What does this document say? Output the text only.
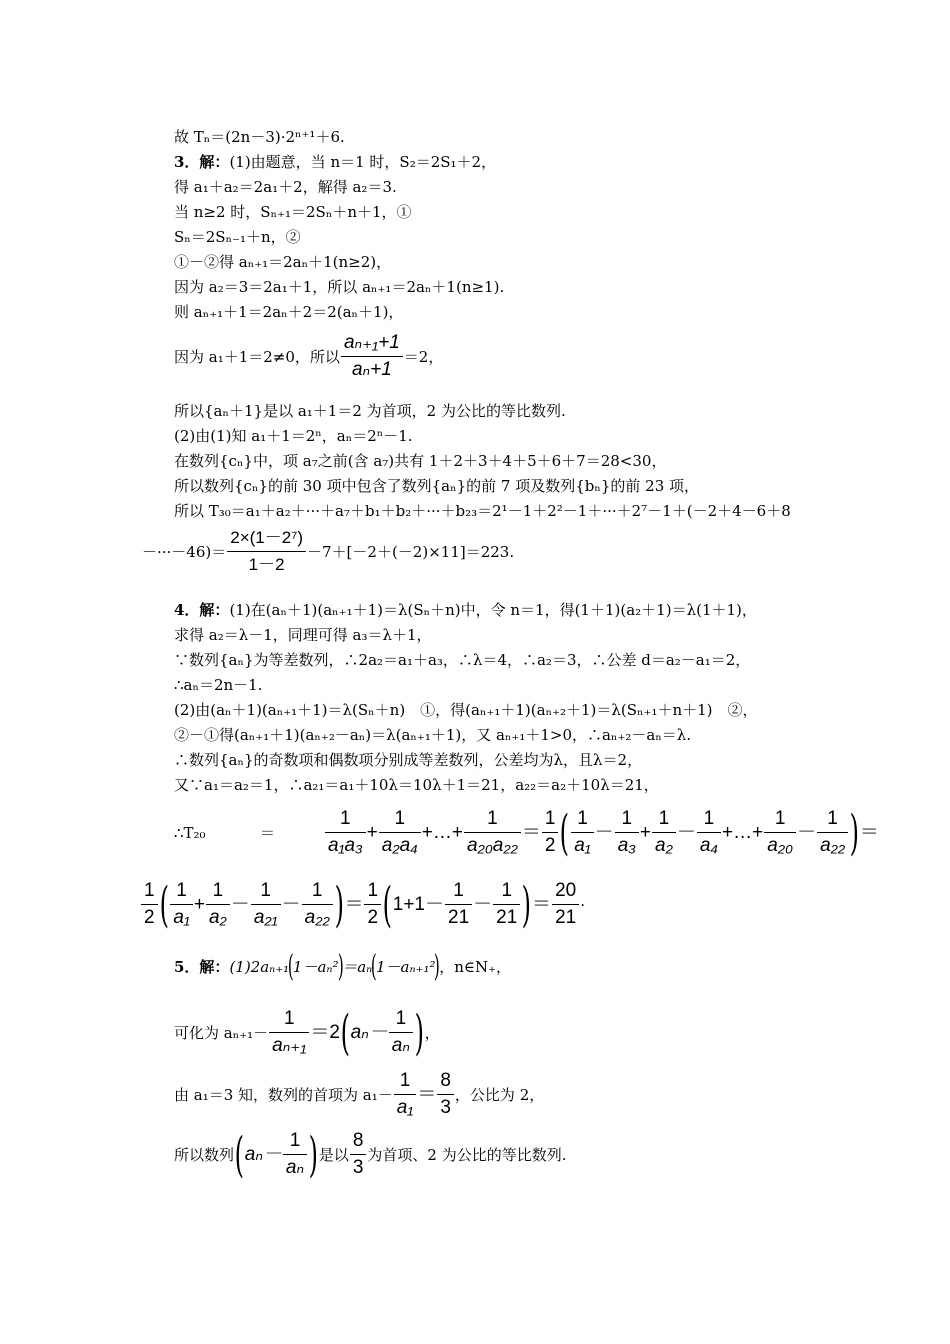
故 Tₙ＝(2n－3)·2ⁿ⁺¹＋6.
3．解：(1)由题意，当 n＝1 时，S₂＝2S₁＋2，
得 a₁＋a₂＝2a₁＋2，解得 a₂＝3.
当 n≥2 时，Sₙ₊₁＝2Sₙ＋n＋1，①
Sₙ＝2Sₙ₋₁＋n，②
①－②得 aₙ₊₁＝2aₙ＋1(n≥2)，
因为 a₂＝3＝2a₁＋1，所以 aₙ₊₁＝2aₙ＋1(n≥1).
则 aₙ₊₁＋1＝2aₙ＋2＝2(aₙ＋1)，
因为 a₁＋1＝2≠0，所以 $\frac{\text{aₙ₊₁+1}}{\text{aₙ+1}} =2$，
所以{aₙ＋1}是以 a₁＋1＝2 为首项，2 为公比的等比数列.
(2)由(1)知 a₁＋1＝2ⁿ，aₙ＝2ⁿ－1.
在数列{cₙ}中，项 a₇之前(含 a₇)共有 1＋2＋3＋4＋5＋6＋7＝28<30，
所以数列{cₙ}的前 30 项中包含了数列{aₙ}的前 7 项及数列{bₙ}的前 23 项，
所以 T₃₀＝a₁＋a₂＋···＋a₇＋b₁＋b₂＋···＋b₂₃＝2¹－1＋2²－1＋···＋2⁷－1＋(－2＋4－6＋8
$-\cdot\cdot\cdot-46)= \frac{\text{2×(1－2⁷)}}{1-2} -7+[-2+(-2)\times 11]=223$.
4．解：(1)在(aₙ＋1)(aₙ₊₁＋1)＝λ(Sₙ＋n)中，令 n＝1，得(1＋1)(a₂＋1)＝λ(1＋1)，
求得 a₂＝λ－1，同理可得 a₃＝λ＋1，
∵数列{aₙ}为等差数列，∴2a₂＝a₁＋a₃，∴λ＝4，∴a₂＝3，∴公差 d＝a₂－a₁＝2，
∴aₙ＝2n－1.
(2)由(aₙ＋1)(aₙ₊₁＋1)＝λ(Sₙ＋n)　①，得(aₙ₊₁＋1)(aₙ₊₂＋1)＝λ(Sₙ₊₁＋n＋1)　②，
②－①得(aₙ₊₁＋1)(aₙ₊₂－aₙ)＝λ(aₙ₊₁＋1)，又 aₙ₊₁＋1>0，∴aₙ₊₂－aₙ＝λ.
∴数列{aₙ}的奇数项和偶数项分别成等差数列，公差均为λ，且λ＝2，
又∵a₁＝a₂＝1，∴a₂₁＝a₁＋10λ＝10λ＋1＝21，a₂₂＝a₂＋10λ＝21，
∴T₂₀	＝	$\frac{1}{\text{a₁a₃}} + \frac{1}{\text{a₂a₄}}$ +…+ $\frac{1}{\text{a₂₀a₂₂}} = \frac{1}{2}$ ( $\frac{1}{\text{a₁}} - \frac{1}{\text{a₃}} + \frac{1}{\text{a₂}} - \frac{1}{\text{a₄}}$ +…+ $\frac{1}{\text{a₂₀}} - \frac{1}{\text{a₂₂}}$ )＝
$\frac{1}{2}$ ( $\frac{1}{\text{a₁}} + \frac{1}{\text{a₂}} - \frac{1}{\text{a₂₁}} - \frac{1}{\text{a₂₂}}$ )＝ $\frac{1}{2} (1+1- \frac{1}{21} - \frac{1}{21}$ )＝ $\frac{20}{21}$ ·
5．解：(1)2aₙ₊₁(1－aₙ²)＝aₙ(1－aₙ₊₁²)，n∈N₊，
可化为 $a_{n+1}- \frac{1}{\text{aₙ₊₁}} =2(a_n- \frac{1}{\text{aₙ}}$ )，
由 a₁＝3 知，数列的首项为 $a_1- \frac{1}{\text{a₁}} = \frac{8}{3}$ ，公比为 2，
所以数列($a_n- \frac{1}{\text{aₙ}}$ )是以 $\frac{8}{3}$ 为首项、2 为公比的等比数列.
